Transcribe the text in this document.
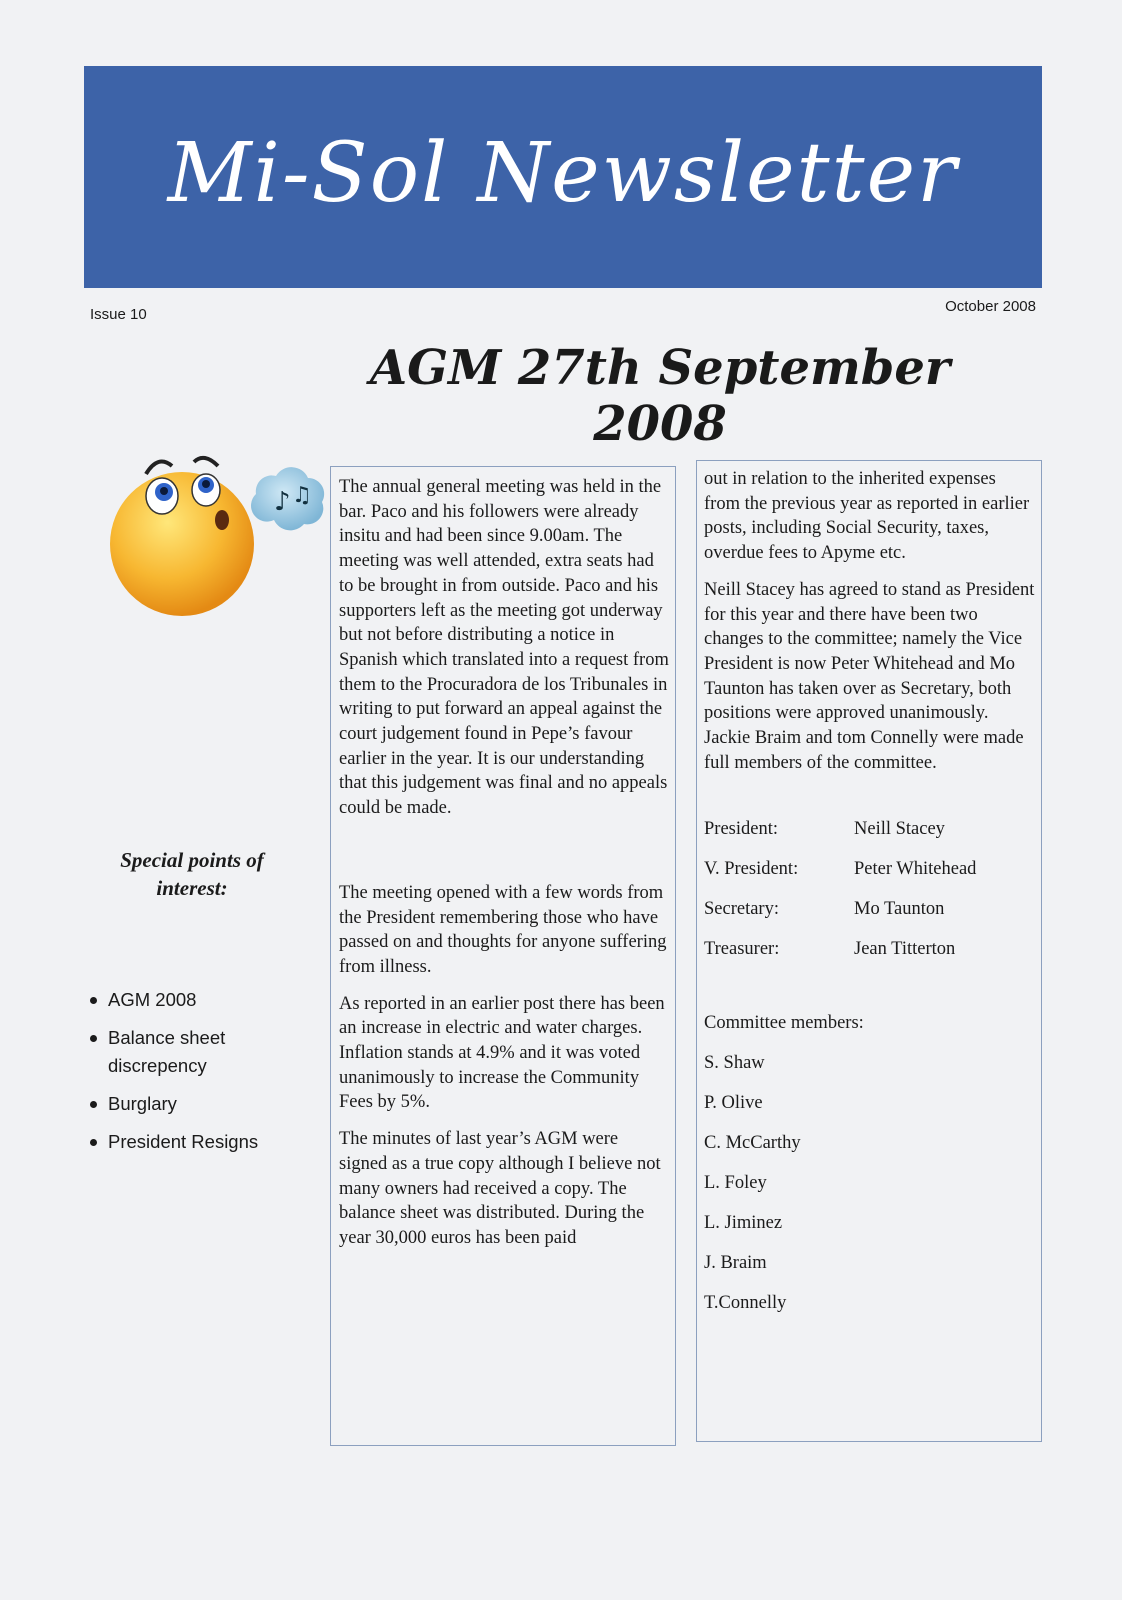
Mi-Sol Newsletter
Issue 10	October 2008
AGM 27th September 2008
♪ ♫
Special points of interest:
AGM 2008
Balance sheet discrepency
Burglary
President Resigns

The annual general meeting was held in the bar. Paco and his followers were already insitu and had been since 9.00am. The meeting was well attended, extra seats had to be brought in from outside. Paco and his supporters left as the meeting got underway but not before distributing a notice in Spanish which translated into a request from them to the Procuradora de los Tribunales in writing to put forward an appeal against the court judgement found in Pepe’s favour earlier in the year. It is our understanding that this judgement was final and no appeals could be made.

The meeting opened with a few words from the President remembering those who have passed on and thoughts for anyone suffering from illness.

As reported in an earlier post there has been an increase in electric and water charges. Inflation stands at 4.9% and it was voted unanimously to increase the Community Fees by 5%.

The minutes of last year’s AGM were signed as a true copy although I believe not many owners had received a copy. The balance sheet was distributed. During the year 30,000 euros has been paid

out in relation to the inherited expenses from the previous year as reported in earlier posts, including Social Security, taxes, overdue fees to Apyme etc.

Neill Stacey has agreed to stand as President for this year and there have been two changes to the committee; namely the Vice President is now Peter Whitehead and Mo Taunton has taken over as Secretary, both positions were approved unanimously. Jackie Braim and tom Connelly were made full members of the committee.

President:	Neill Stacey
V. President:	Peter Whitehead
Secretary:	Mo Taunton
Treasurer:	Jean Titterton
Committee members:
S. Shaw
P. Olive
C. McCarthy
L. Foley
L. Jiminez
J. Braim
T.Connelly
